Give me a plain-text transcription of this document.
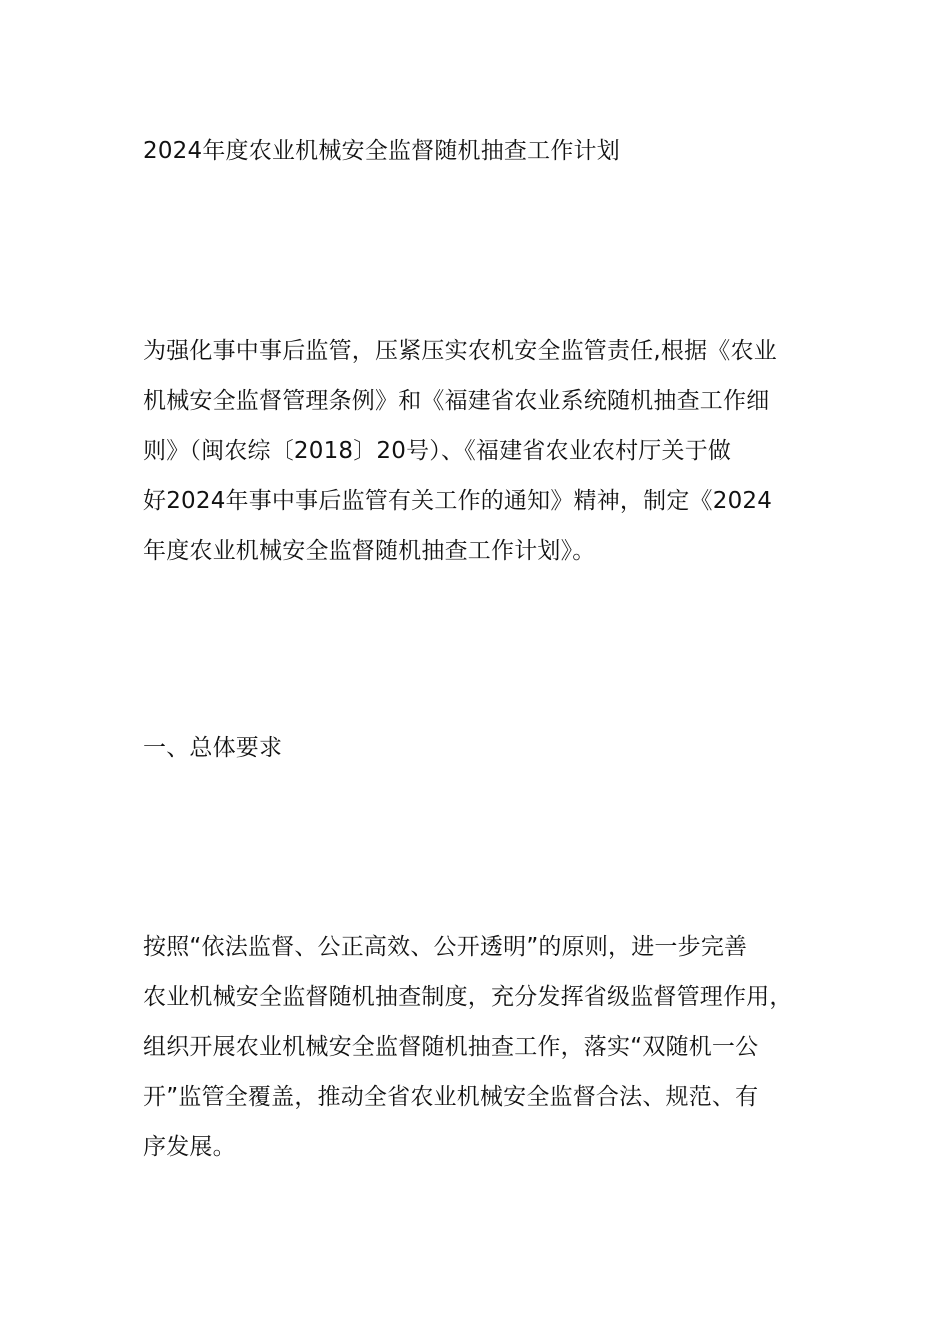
2024年度农业机械安全监督随机抽查工作计划

为强化事中事后监管，压紧压实农机安全监管责任,根据《农业
机械安全监督管理条例》和《福建省农业系统随机抽查工作细
则》（闽农综〔2018〕20号）、《福建省农业农村厅关于做
好2024年事中事后监管有关工作的通知》精神，制定《2024
年度农业机械安全监督随机抽查工作计划》。

一、总体要求

按照“依法监督、公正高效、公开透明”的原则，进一步完善
农业机械安全监督随机抽查制度，充分发挥省级监督管理作用，
组织开展农业机械安全监督随机抽查工作，落实“双随机一公
开”监管全覆盖，推动全省农业机械安全监督合法、规范、有
序发展。
